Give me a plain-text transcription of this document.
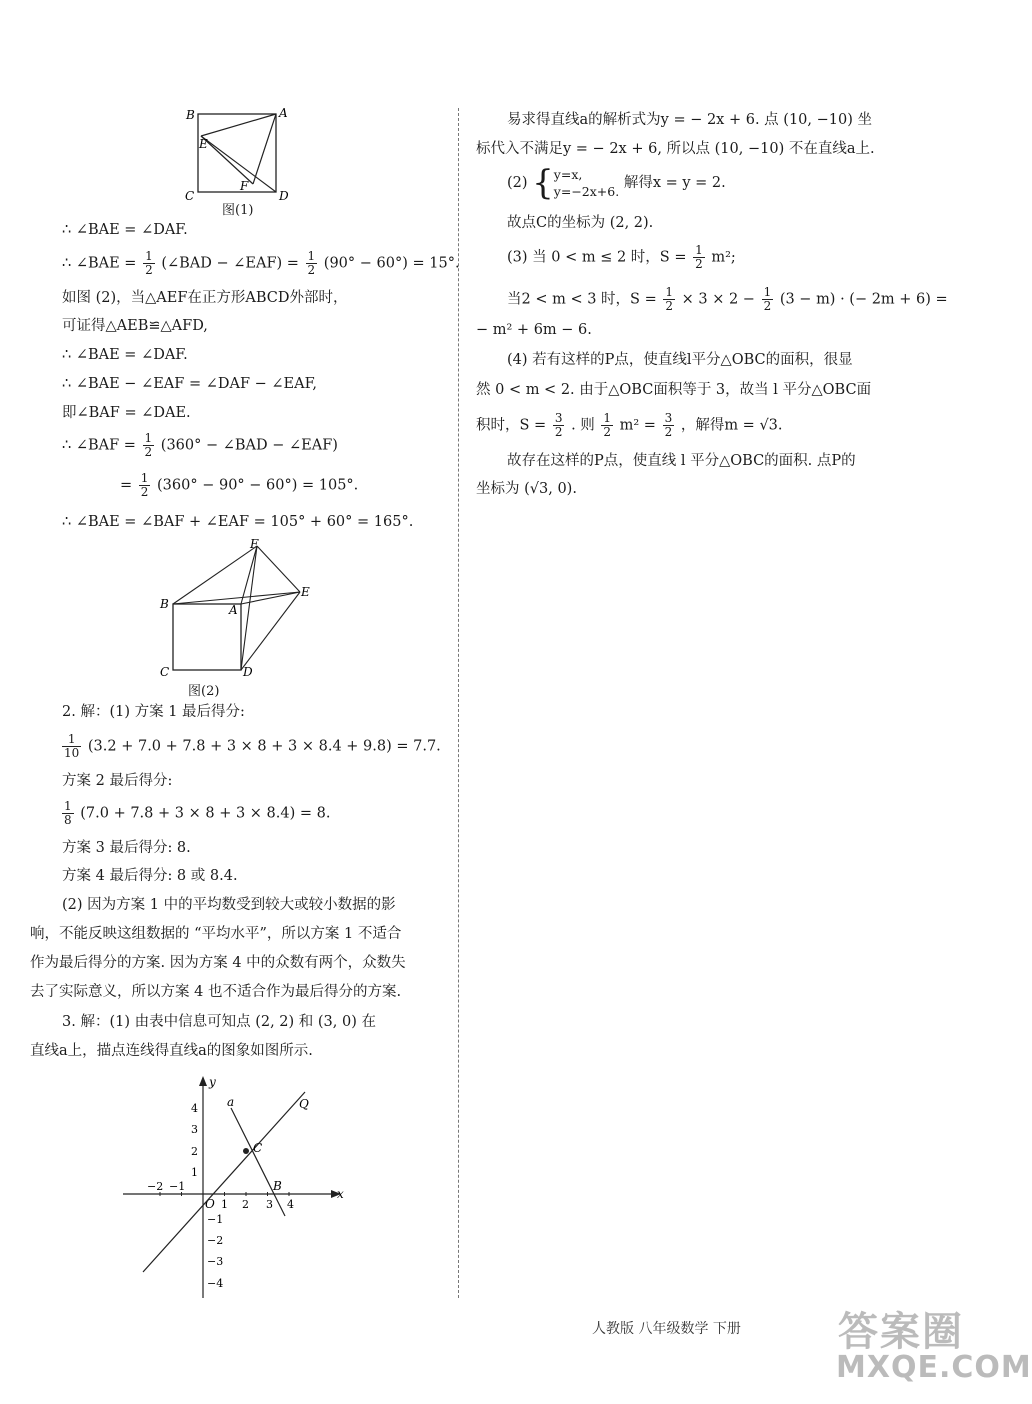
B	A
E
C
F
D
图(1)
∴ ∠BAE = ∠DAF.
∴ ∠BAE = $\frac{1}{2}$ (∠BAD − ∠EAF) = $\frac{1}{2} (90^\circ - 60^\circ) = 15^\circ$.
如图 (2)，当△AEF在正方形ABCD外部时，
可证得△AEB≌△AFD,
∴ ∠BAE = ∠DAF.
∴ ∠BAE − ∠EAF = ∠DAF − ∠EAF,
即∠BAF = ∠DAE.
∴ ∠BAF = $\frac{1}{2} (360^\circ$ − ∠BAD − ∠EAF)
= $\frac{1}{2} (360^\circ - 90^\circ - 60^\circ) = 105^\circ$.
∴ ∠BAE = ∠BAF + ∠EAF = 105° + 60° = 165°.
F
E
B	A
C	D
图(2)
2. 解：(1) 方案 1 最后得分:
$\frac{1}{10} (3.2 + 7.0 + 7.8 + 3 \times 8 + 3 \times 8.4 + 9.8) = 7.7$.
方案 2 最后得分:
$\frac{1}{8} (7.0 + 7.8 + 3 \times 8 + 3 \times 8.4) = 8$.
方案 3 最后得分: 8.
方案 4 最后得分: 8 或 8.4.
(2) 因为方案 1 中的平均数受到较大或较小数据的影
响，不能反映这组数据的 “平均水平”，所以方案 1 不适合
作为最后得分的方案. 因为方案 4 中的众数有两个，众数失
去了实际意义，所以方案 4 也不适合作为最后得分的方案.
3. 解：(1) 由表中信息可知点 (2, 2) 和 (3, 0) 在
直线a上，描点连线得直线a的图象如图所示.
x
y
O
−2 −1
1 2 3 4
4
3
2
1
−1
−2
−3
−4
a	Q
C
B
易求得直线a的解析式为y = − 2x + 6. 点 (10, −10) 坐
标代入不满足y = − 2x + 6, 所以点 (10, −10) 不在直线a上.
(2) { y=x,
y=−2x+6.
解得x = y = 2.
故点C的坐标为 (2, 2).
(3) 当 0 < m ≤ 2 时，$S = \frac{1}{2} m^2$;
当2 < m < 3 时，$S = \frac{1}{2} \times 3 \times 2 - \frac{1}{2} (3 - m)$ · (− 2m + 6) =
− m² + 6m − 6.
(4) 若有这样的P点，使直线l平分△OBC的面积，很显
然 0 < m < 2. 由于△OBC面积等于 3，故当 l 平分△OBC面
积时，$S = \frac{3}{2}$ . 则 $\frac{1}{2} m^2 = \frac{3}{2}$ ，解得m = √3.
故存在这样的P点，使直线 l 平分△OBC的面积. 点P的
坐标为 (√3, 0).
人教版 八年级数学 下册 答案圈
MXQE.COM
